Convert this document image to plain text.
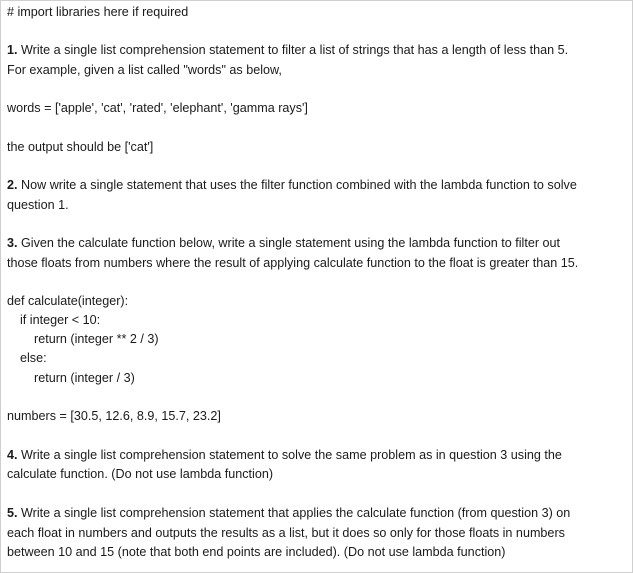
# import libraries here if required
1. Write a single list comprehension statement to filter a list of strings that has a length of less than 5.
For example, given a list called "words" as below,
words = ['apple', 'cat', 'rated', 'elephant', 'gamma rays']
the output should be ['cat']
2. Now write a single statement that uses the filter function combined with the lambda function to solve
question 1.
3. Given the calculate function below, write a single statement using the lambda function to filter out
those floats from numbers where the result of applying calculate function to the float is greater than 15.
def calculate(integer):
if integer < 10:
return (integer ** 2 / 3)
else:
return (integer / 3)
numbers = [30.5, 12.6, 8.9, 15.7, 23.2]
4. Write a single list comprehension statement to solve the same problem as in question 3 using the
calculate function. (Do not use lambda function)
5. Write a single list comprehension statement that applies the calculate function (from question 3) on
each float in numbers and outputs the results as a list, but it does so only for those floats in numbers
between 10 and 15 (note that both end points are included). (Do not use lambda function)
